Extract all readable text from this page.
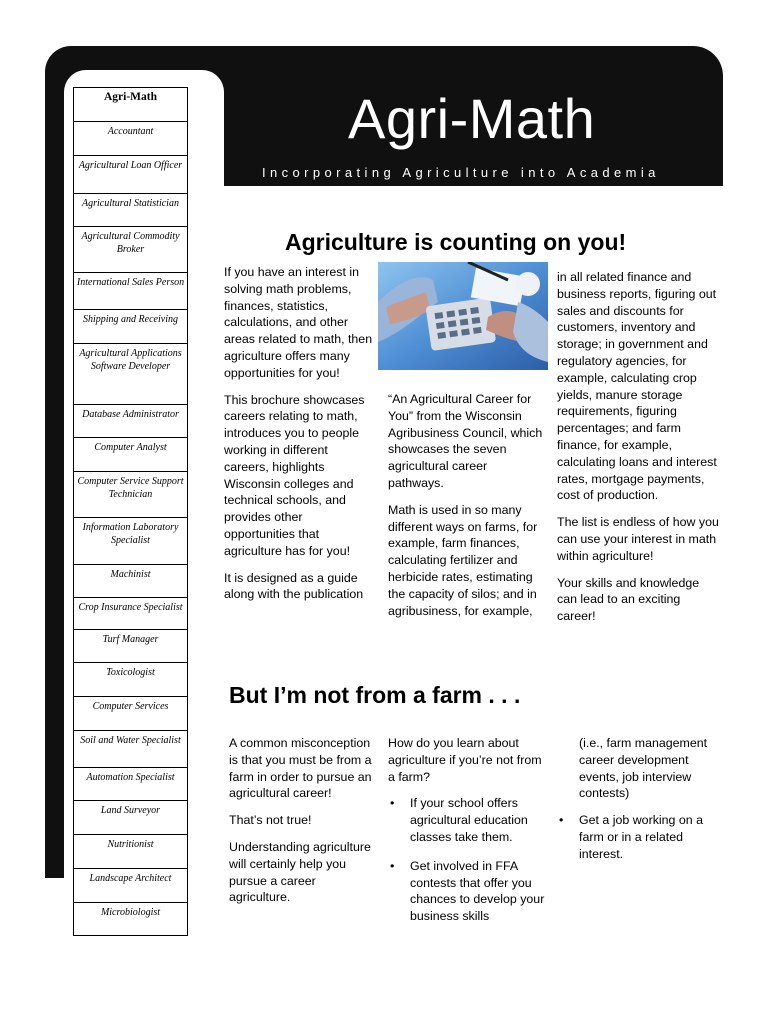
Agri-Math
Incorporating Agriculture into Academia
Agri-Math
Accountant
Agricultural Loan Officer
Agricultural Statistician
Agricultural Commodity Broker
International Sales Person
Shipping and Receiving
Agricultural Applications Software Developer
Database Administrator
Computer Analyst
Computer Service Support Technician
Information Laboratory Specialist
Machinist
Crop Insurance Specialist
Turf Manager
Toxicologist
Computer Services
Soil and Water Specialist
Automation Specialist
Land Surveyor
Nutritionist
Landscape Architect
Microbiologist
Agriculture is counting on you!

If you have an interest in solving math problems, finances, statistics, calculations, and other areas related to math, then agriculture offers many opportunities for you!

This brochure showcases careers relating to math, introduces you to people working in different careers, highlights Wisconsin colleges and technical schools, and provides other opportunities that agriculture has for you!

It is designed as a guide along with the publication

“An Agricultural Career for You” from the Wisconsin Agribusiness Council, which showcases the seven agricultural career pathways.

Math is used in so many different ways on farms, for example, farm finances, calculating fertilizer and herbicide rates, estimating the capacity of silos; and in agribusiness, for example,

in all related finance and business reports, figuring out sales and discounts for customers, inventory and storage; in government and regulatory agencies, for example, calculating crop yields, manure storage requirements, figuring percentages; and farm finance, for example, calculating loans and interest rates, mortgage payments, cost of production.

The list is endless of how you can use your interest in math within agriculture!

Your skills and knowledge can lead to an exciting career!

But I’m not from a farm . . .

A common misconception is that you must be from a farm in order to pursue an agricultural career!

That’s not true!

Understanding agriculture will certainly help you pursue a career agriculture.

How do you learn about agriculture if you’re not from a farm?

• If your school offers agricultural education classes take them.
• Get involved in FFA contests that offer you chances to develop your business skills

(i.e., farm management career development events, job interview contests)

• Get a job working on a farm or in a related interest.
